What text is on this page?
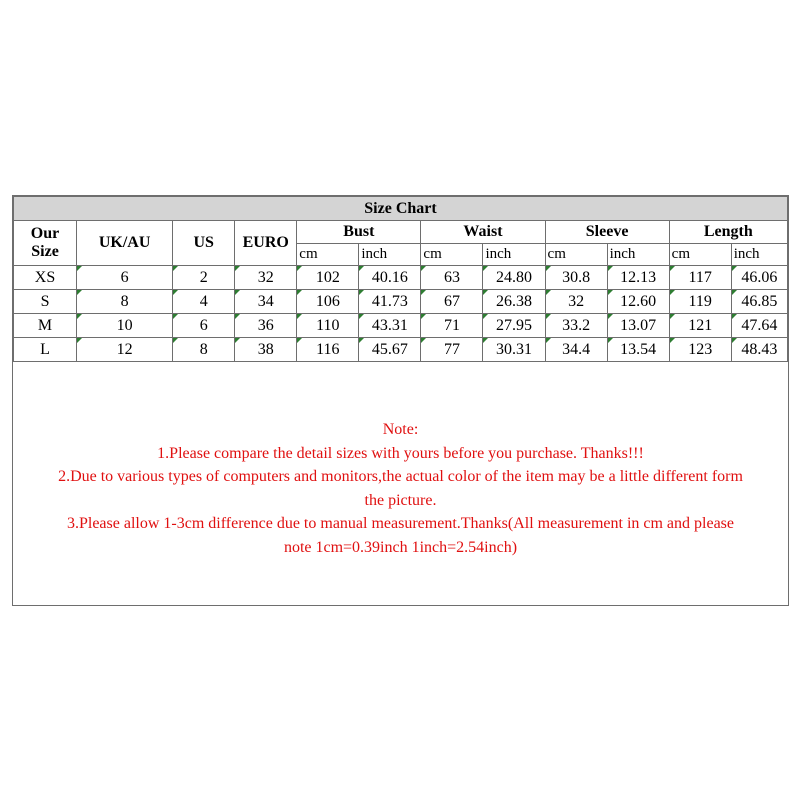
Size Chart											

Our
Size	UK/AU	US	EURO	Bust		Waist		Sleeve		Length	
				cm	inch	cm	inch	cm	inch	cm	inch
XS	6	2	32	102	40.16	63	24.80	30.8	12.13	117	46.06
S	8	4	34	106	41.73	67	26.38	32	12.60	119	46.85
M	10	6	36	110	43.31	71	27.95	33.2	13.07	121	47.64
L	12	8	38	116	45.67	77	30.31	34.4	13.54	123	48.43
Note:
1.Please compare the detail sizes with yours before you purchase. Thanks!!!
2.Due to various types of computers and monitors,the actual color of the item may be a little different form
the picture.
3.Please allow 1-3cm difference due to manual measurement.Thanks(All measurement in cm and please
note 1cm=0.39inch 1inch=2.54inch)
